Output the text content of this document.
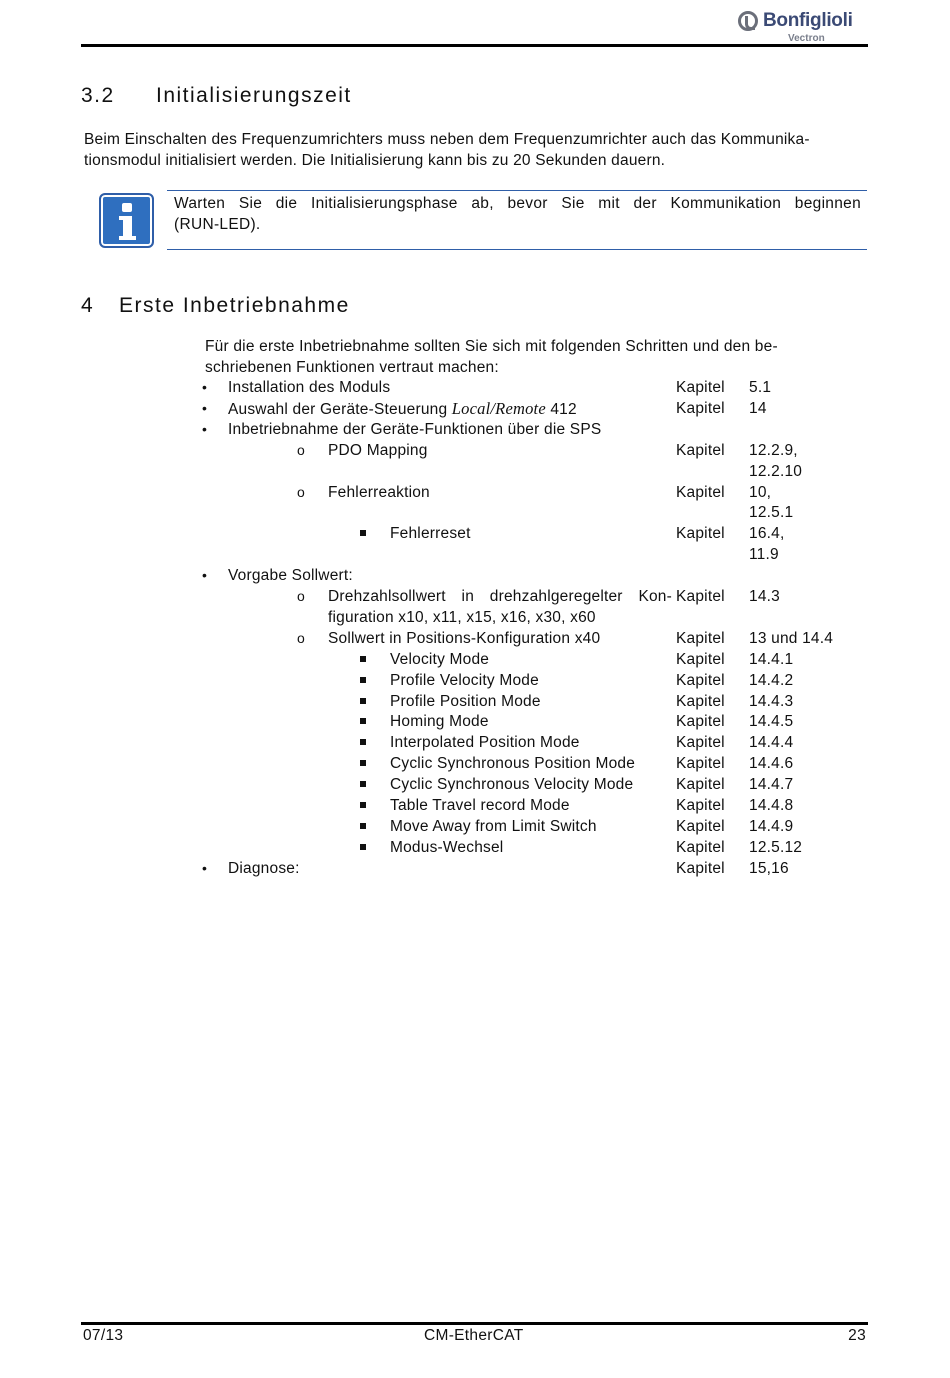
Bonfiglioli
Vectron
3.2 Initialisierungszeit
Beim Einschalten des Frequenzumrichters muss neben dem Frequenzumrichter auch das Kommunika-
tionsmodul initialisiert werden. Die Initialisierung kann bis zu 20 Sekunden dauern.
Warten Sie die Initialisierungsphase ab, bevor Sie mit der Kommunikation beginnen
(RUN-LED).
4 Erste Inbetriebnahme
Für die erste Inbetriebnahme sollten Sie sich mit folgenden Schritten und den be-
schriebenen Funktionen vertraut machen:
• Installation des Moduls	Kapitel 5.1
• Auswahl der Geräte-Steuerung Local/Remote 412	Kapitel 14
• Inbetriebnahme der Geräte-Funktionen über die SPS
o PDO Mapping	Kapitel 12.2.9,
12.2.10
o Fehlerreaktion	Kapitel 10,
12.5.1
Fehlerreset	Kapitel 16.4,
11.9
• Vorgabe Sollwert:
o Drehzahlsollwert in drehzahlgeregelter Kon- Kapitel 14.3
figuration x10, x11, x15, x16, x30, x60
o Sollwert in Positions-Konfiguration x40	Kapitel 13 und 14.4
Velocity Mode	Kapitel 14.4.1
Profile Velocity Mode	Kapitel 14.4.2
Profile Position Mode	Kapitel 14.4.3
Homing Mode	Kapitel 14.4.5
Interpolated Position Mode	Kapitel 14.4.4
Cyclic Synchronous Position Mode	Kapitel 14.4.6
Cyclic Synchronous Velocity Mode	Kapitel 14.4.7
Table Travel record Mode	Kapitel 14.4.8
Move Away from Limit Switch	Kapitel 14.4.9
Modus-Wechsel	Kapitel 12.5.12
• Diagnose:	Kapitel 15,16
07/13	CM-EtherCAT	23
